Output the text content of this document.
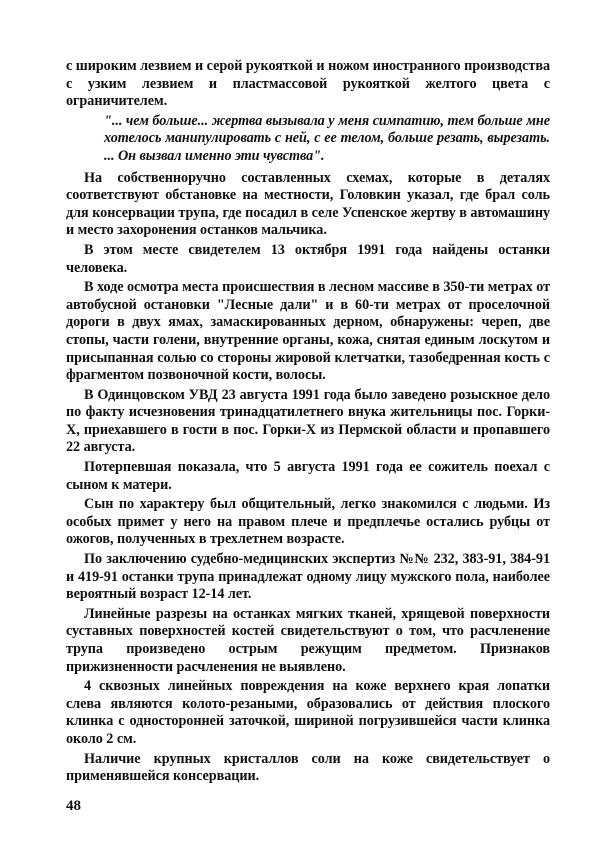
с широким лезвием и серой рукояткой и ножом иностранного производства с узким лезвием и пластмассовой рукояткой желтого цвета с ограничителем.

"... чем больше... жертва вызывала у меня симпатию, тем больше мне хотелось манипулировать с ней, с ее телом, больше резать, вырезать. ... Он вызвал именно эти чувства".

На собственноручно составленных схемах, которые в деталях соответствуют обстановке на местности, Головкин указал, где брал соль для консервации трупа, где посадил в селе Успенское жертву в автомашину и место захоронения останков мальчика.

В этом месте свидетелем 13 октября 1991 года найдены останки человека.

В ходе осмотра места происшествия в лесном массиве в 350-ти метрах от автобусной остановки "Лесные дали" и в 60-ти метрах от проселочной дороги в двух ямах, замаскированных дерном, обнаружены: череп, две стопы, части голени, внутренние органы, кожа, снятая единым лоскутом и присыпанная солью со стороны жировой клетчатки, тазобедренная кость с фрагментом позвоночной кости, волосы.

В Одинцовском УВД 23 августа 1991 года было заведено розыскное дело по факту исчезновения тринадцатилетнего внука жительницы пос. Горки-Х, приехавшего в гости в пос. Горки-Х из Пермской области и пропавшего 22 августа.

Потерпевшая показала, что 5 августа 1991 года ее сожитель поехал с сыном к матери.

Сын по характеру был общительный, легко знакомился с людьми. Из особых примет у него на правом плече и предплечье остались рубцы от ожогов, полученных в трехлетнем возрасте.

По заключению судебно-медицинских экспертиз №№ 232, 383-91, 384-91 и 419-91 останки трупа принадлежат одному лицу мужского пола, наиболее вероятный возраст 12-14 лет.

Линейные разрезы на останках мягких тканей, хрящевой поверхности суставных поверхностей костей свидетельствуют о том, что расчленение трупа произведено острым режущим предметом. Признаков прижизненности расчленения не выявлено.

4 сквозных линейных повреждения на коже верхнего края лопатки слева являются колото-резаными, образовались от действия плоского клинка с односторонней заточкой, шириной погрузившейся части клинка около 2 см.

Наличие крупных кристаллов соли на коже свидетельствует о применявшейся консервации.

48
